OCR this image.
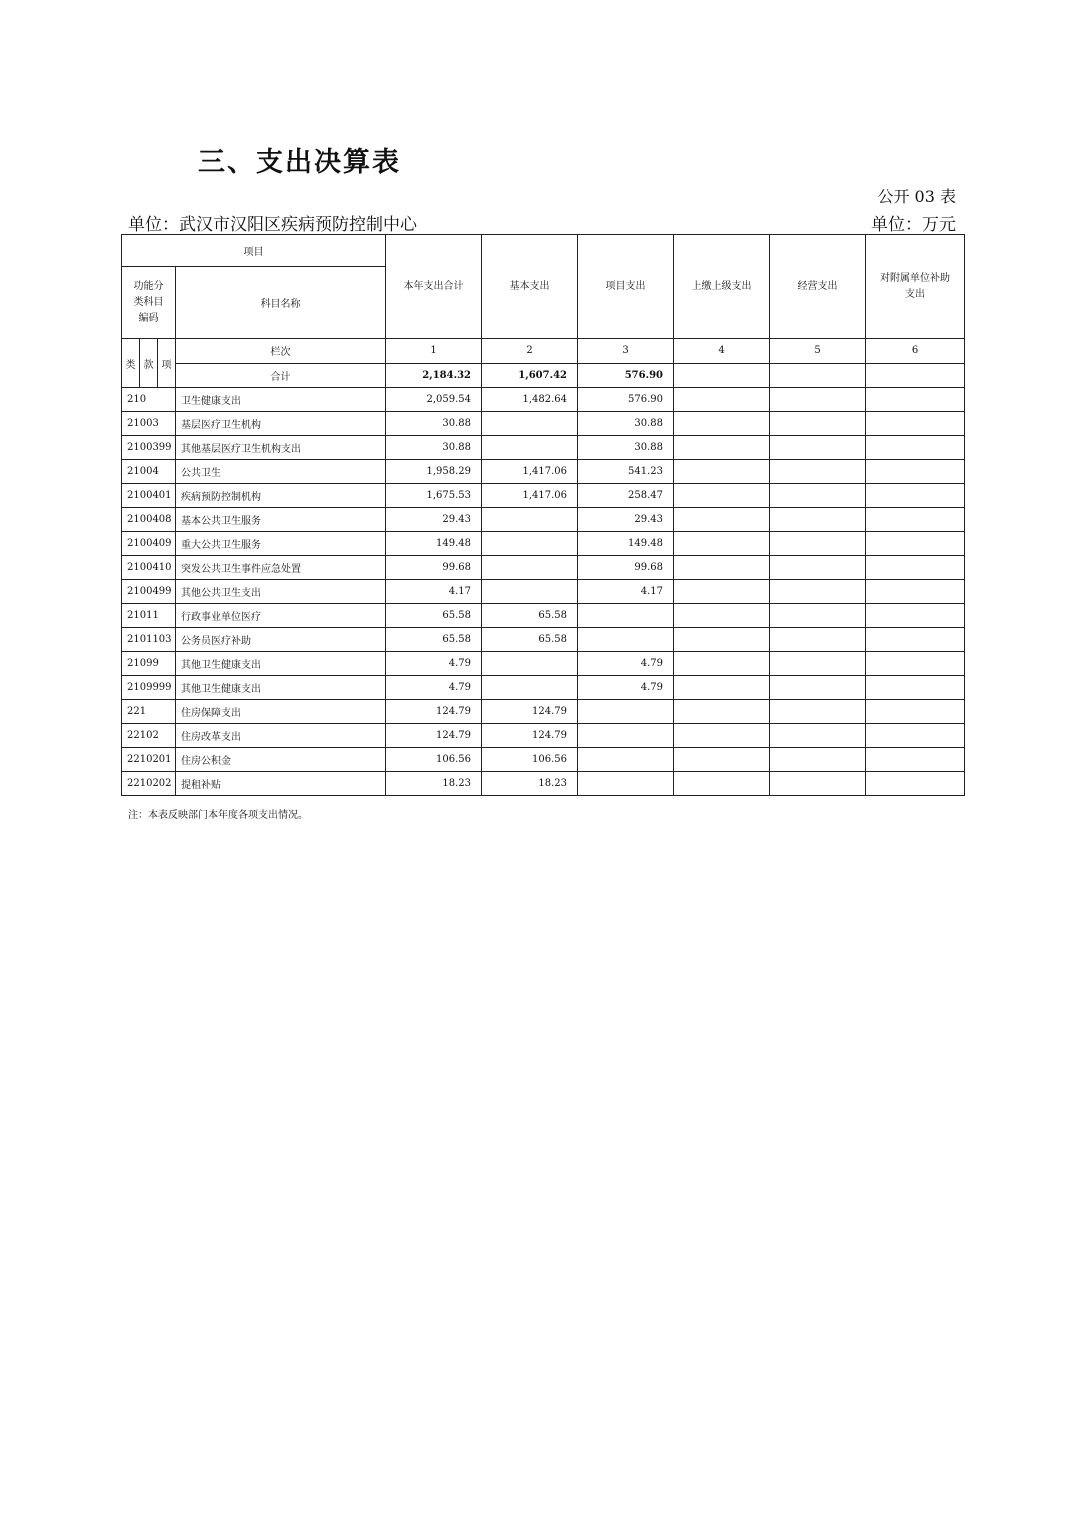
三、支出决算表
公开 03 表
单位：武汉市汉阳区疾病预防控制中心	单位：万元
项目		本年支出合计	基本支出	项目支出	上缴上级支出	经营支出	对附属单位补助支出
功能分类科目编码	科目名称						

类 款 项	栏次	1	2	3	4	5	6
	合计	2,184.32	1,607.42	576.90			
210	卫生健康支出	2,059.54	1,482.64	576.90			
21003	基层医疗卫生机构	30.88		30.88			
2100399	其他基层医疗卫生机构支出	30.88		30.88			
21004	公共卫生	1,958.29	1,417.06	541.23			
2100401	疾病预防控制机构	1,675.53	1,417.06	258.47			
2100408	基本公共卫生服务	29.43		29.43			
2100409	重大公共卫生服务	149.48		149.48			
2100410	突发公共卫生事件应急处置	99.68		99.68			
2100499	其他公共卫生支出	4.17		4.17			
21011	行政事业单位医疗	65.58	65.58				
2101103	公务员医疗补助	65.58	65.58				
21099	其他卫生健康支出	4.79		4.79			
2109999	其他卫生健康支出	4.79		4.79			
221	住房保障支出	124.79	124.79				
22102	住房改革支出	124.79	124.79				
2210201	住房公积金	106.56	106.56				
2210202	提租补贴	18.23	18.23				
注：本表反映部门本年度各项支出情况。
